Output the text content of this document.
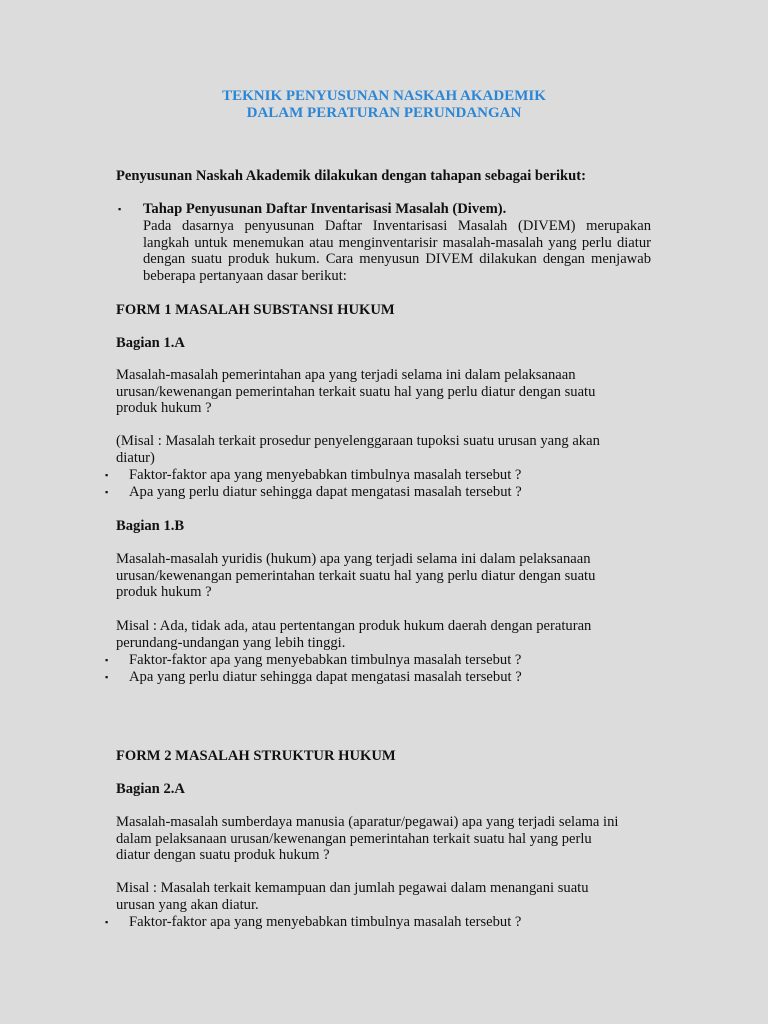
TEKNIK PENYUSUNAN NASKAH AKADEMIK
DALAM PERATURAN PERUNDANGAN
Penyusunan Naskah Akademik dilakukan dengan tahapan sebagai berikut:
▪ Tahap Penyusunan Daftar Inventarisasi Masalah (Divem).
Pada dasarnya penyusunan Daftar Inventarisasi Masalah (DIVEM) merupakan langkah untuk menemukan atau menginventarisir masalah-masalah yang perlu diatur dengan suatu produk hukum. Cara menyusun DIVEM dilakukan dengan menjawab beberapa pertanyaan dasar berikut:
FORM 1 MASALAH SUBSTANSI HUKUM
Bagian 1.A
Masalah-masalah pemerintahan apa yang terjadi selama ini dalam pelaksanaan
urusan/kewenangan pemerintahan terkait suatu hal yang perlu diatur dengan suatu
produk hukum ?
(Misal : Masalah terkait prosedur penyelenggaraan tupoksi suatu urusan yang akan
diatur)
▪ Faktor-faktor apa yang menyebabkan timbulnya masalah tersebut ?
▪ Apa yang perlu diatur sehingga dapat mengatasi masalah tersebut ?
Bagian 1.B
Masalah-masalah yuridis (hukum) apa yang terjadi selama ini dalam pelaksanaan
urusan/kewenangan pemerintahan terkait suatu hal yang perlu diatur dengan suatu
produk hukum ?
Misal : Ada, tidak ada, atau pertentangan produk hukum daerah dengan peraturan
perundang-undangan yang lebih tinggi.
▪ Faktor-faktor apa yang menyebabkan timbulnya masalah tersebut ?
▪ Apa yang perlu diatur sehingga dapat mengatasi masalah tersebut ?
FORM 2 MASALAH STRUKTUR HUKUM
Bagian 2.A
Masalah-masalah sumberdaya manusia (aparatur/pegawai) apa yang terjadi selama ini
dalam pelaksanaan urusan/kewenangan pemerintahan terkait suatu hal yang perlu
diatur dengan suatu produk hukum ?
Misal : Masalah terkait kemampuan dan jumlah pegawai dalam menangani suatu
urusan yang akan diatur.
▪ Faktor-faktor apa yang menyebabkan timbulnya masalah tersebut ?
